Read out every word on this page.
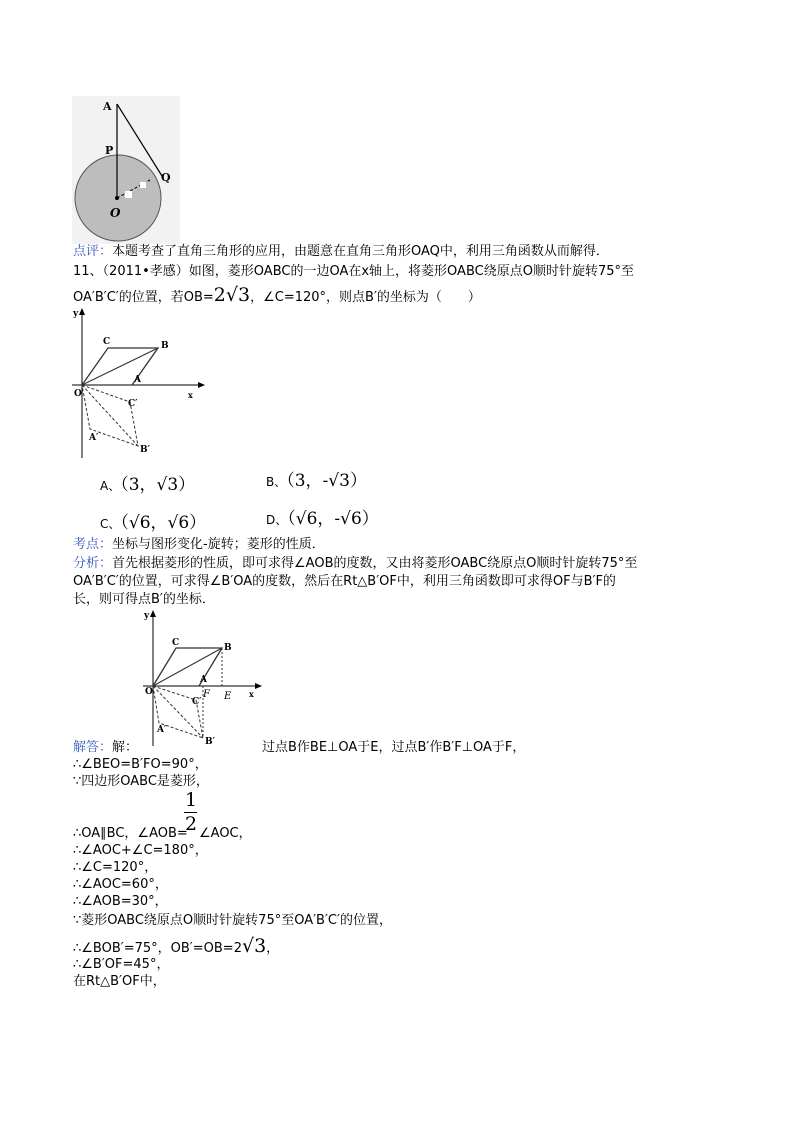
A
P
Q
O
点评：本题考查了直角三角形的应用，由题意在直角三角形OAQ中，利用三角函数从而解得．
11、（2011•孝感）如图，菱形OABC的一边OA在x轴上，将菱形OABC绕原点O顺时针旋转75°至
OA′B′C′的位置，若OB=2√3，∠C=120°，则点B′的坐标为（　　）
y
C	B
O
A
x
C′
A′
B′
A、（3，√3）	B、（3，-√3）
C、（√6，√6）	D、（√6，-√6）
考点：坐标与图形变化-旋转；菱形的性质．
分析：首先根据菱形的性质，即可求得∠AOB的度数，又由将菱形OABC绕原点O顺时针旋转75°至
OA′B′C′的位置，可求得∠B′OA的度数，然后在Rt△B′OF中，利用三角函数即可求得OF与B′F的
长，则可得点B′的坐标．
y
C	B
O	F
A
E x
C′
A′
B′
解答：解：	过点B作BE⊥OA于E，过点B′作B′F⊥OA于F，
∴∠BEO=B′FO=90°，
∵四边形OABC是菱形，
1
2
∴OA∥BC，∠AOB= ∠AOC，
∴∠AOC+∠C=180°，
∴∠C=120°，
∴∠AOC=60°，
∴∠AOB=30°，
∵菱形OABC绕原点O顺时针旋转75°至OA′B′C′的位置，
∴∠BOB′=75°，OB′=OB=2√3，
∴∠B′OF=45°，
在Rt△B′OF中，
